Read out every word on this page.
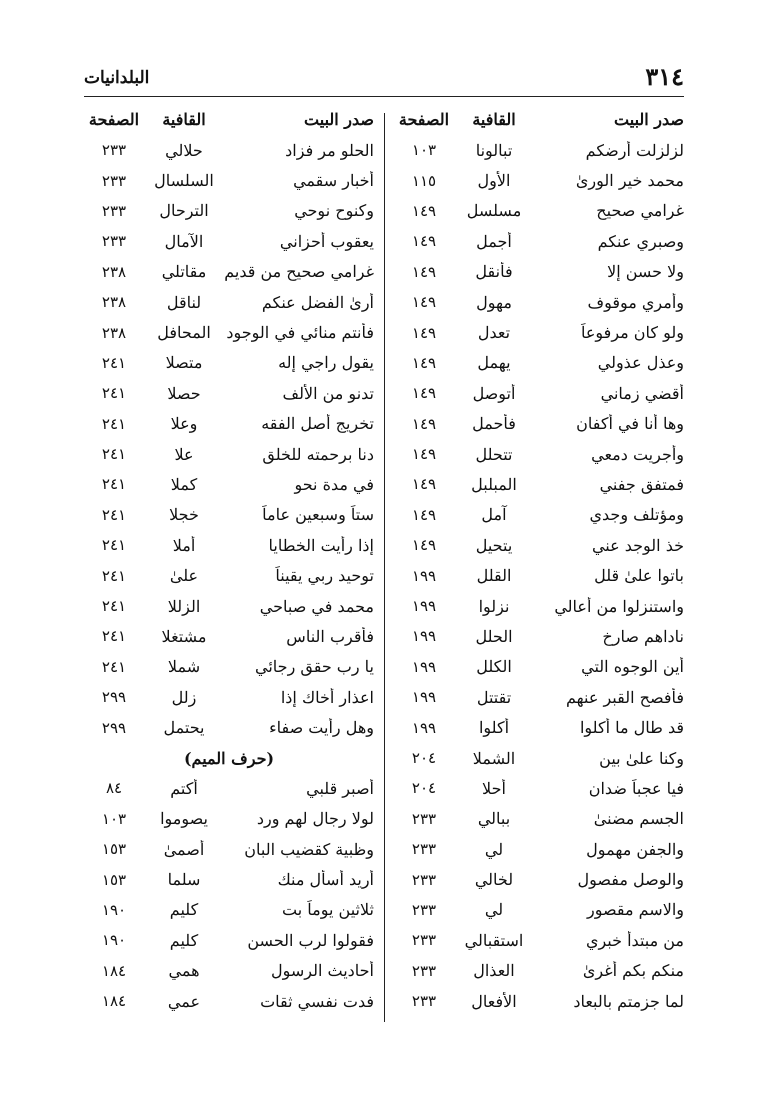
٣١٤
البلدانيات
صدر البيت
القافية
الصفحة
لزلزلت أرضكم
تبالونا
١٠٣
محمد خير الورىٰ
الأول
١١٥
غرامي صحيح
مسلسل
١٤٩
وصبري عنكم
أجمل
١٤٩
ولا حسن إلا
فأنقل
١٤٩
وأمري موقوف
مهول
١٤٩
ولو كان مرفوعاً
تعدل
١٤٩
وعذل عذولي
يهمل
١٤٩
أقضي زماني
أتوصل
١٤٩
وها أنا في أكفان
فأحمل
١٤٩
وأجريت دمعي
تتحلل
١٤٩
فمتفق جفني
المبلبل
١٤٩
ومؤتلف وجدي
آمل
١٤٩
خذ الوجد عني
يتحيل
١٤٩
باتوا علىٰ قلل
القلل
١٩٩
واستنزلوا من أعالي
نزلوا
١٩٩
ناداهم صارخ
الحلل
١٩٩
أين الوجوه التي
الكلل
١٩٩
فأفصح القبر عنهم
تقتتل
١٩٩
قد طال ما أكلوا
أكلوا
١٩٩
وكنا علىٰ بين
الشملا
٢٠٤
فيا عجباً ضدان
أحلا
٢٠٤
الجسم مضنىٰ
ببالي
٢٣٣
والجفن مهمول
لي
٢٣٣
والوصل مفصول
لخالي
٢٣٣
والاسم مقصور
لي
٢٣٣
من مبتدأ خبري
استقبالي
٢٣٣
منكم بكم أغرىٰ
العذال
٢٣٣
لما جزمتم بالبعاد
الأفعال
٢٣٣
صدر البيت
القافية
الصفحة
الحلو مر فزاد
حلالي
٢٣٣
أخبار سقمي
السلسال
٢٣٣
وكنوح نوحي
الترحال
٢٣٣
يعقوب أحزاني
الآمال
٢٣٣
غرامي صحيح من قديم
مقاتلي
٢٣٨
أرىٰ الفضل عنكم
لناقل
٢٣٨
فأنتم منائي في الوجود
المحافل
٢٣٨
يقول راجي إله
متصلا
٢٤١
تدنو من الألف
حصلا
٢٤١
تخريج أصل الفقه
وعلا
٢٤١
دنا برحمته للخلق
علا
٢٤١
في مدة نحو
كملا
٢٤١
ستاً وسبعين عاماً
خجلا
٢٤١
إذا رأيت الخطايا
أملا
٢٤١
توحيد ربي يقيناً
علىٰ
٢٤١
محمد في صباحي
الزللا
٢٤١
فأقرب الناس
مشتغلا
٢٤١
يا رب حقق رجائي
شملا
٢٤١
اعذار أخاك إذا
زلل
٢٩٩
وهل رأيت صفاء
يحتمل
٢٩٩
(حرف الميم)
أصبر قلبي
أكتم
٨٤
لولا رجال لهم ورد
يصوموا
١٠٣
وظبية كقضيب البان
أصمىٰ
١٥٣
أريد أسأل منك
سلما
١٥٣
ثلاثين يوماً بت
كليم
١٩٠
فقولوا لرب الحسن
كليم
١٩٠
أحاديث الرسول
همي
١٨٤
فدت نفسي ثقات
عمي
١٨٤
